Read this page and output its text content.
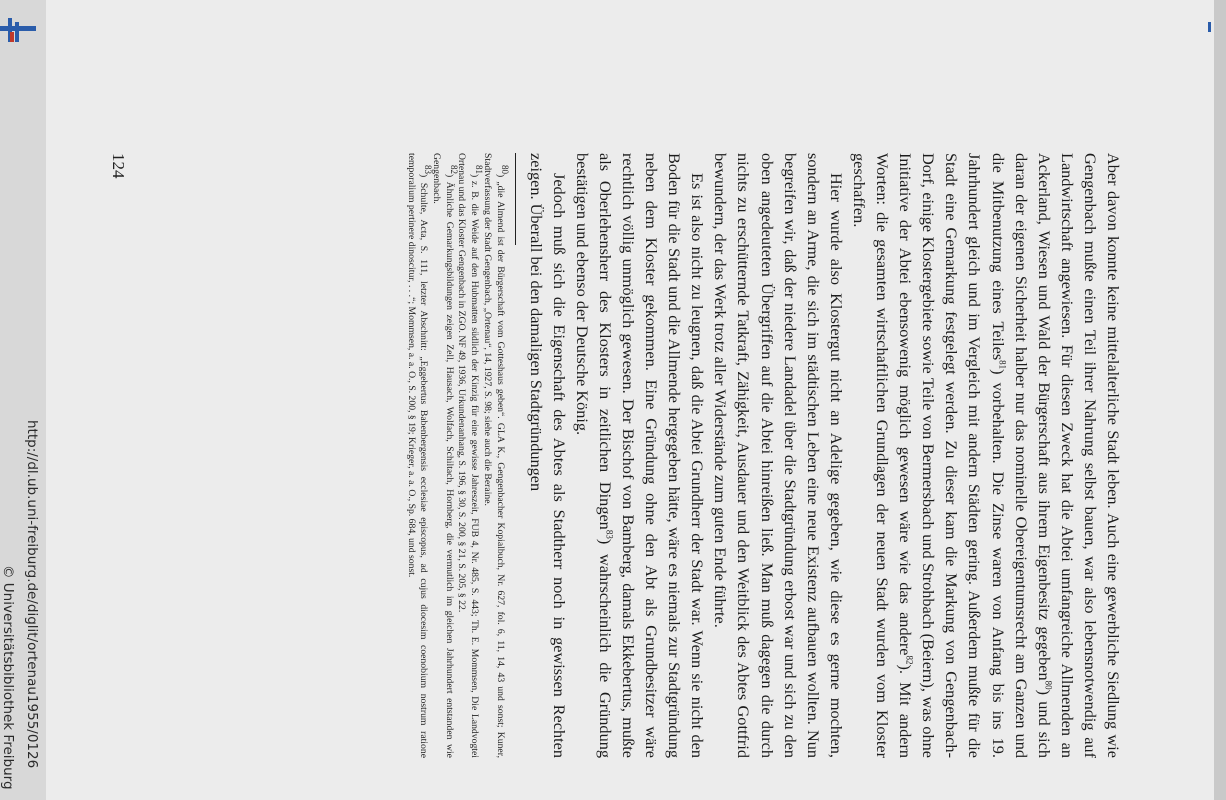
http://dl.ub.uni-freiburg.de/diglit/ortenau1955/0126
© Universitätsbibliothek Freiburg	Aber davon konnte keine mittelalterliche Stadt leben. Auch eine gewerbliche Siedlung wie Gengenbach mußte einen Teil ihrer Nahrung selbst bauen, war also lebensnotwendig auf Landwirtschaft angewiesen. Für diesen Zweck hat die Abtei umfangreiche Allmenden an Ackerland, Wiesen und Wald der Bürgerschaft aus ihrem Eigenbesitz gegeben$^{80}$) und sich daran der eigenen Sicherheit halber nur das nominelle Obereigentumsrecht am Ganzen und die Mitbenutzung eines Teiles$^{81}$) vorbehalten. Die Zinse waren von Anfang bis ins 19. Jahrhundert gleich und im Vergleich mit andern Städten gering. Außerdem mußte für die Stadt eine Gemarkung festgelegt werden. Zu dieser kam die Markung von Gengenbach-Dorf, einige Klostergebiete sowie Teile von Bermersbach und Strohbach (Beiern), was ohne Initiative der Abtei ebensowenig möglich gewesen wäre wie das andere$^{82}$). Mit andern Worten: die gesamten wirtschaftlichen Grundlagen der neuen Stadt wurden vom Kloster geschaffen.

Hier wurde also Klostergut nicht an Adelige gegeben, wie diese es gerne mochten, sondern an Arme, die sich im städtischen Leben eine neue Existenz aufbauen wollten. Nun begreifen wir, daß der niedere Landadel über die Stadtgründung erbost war und sich zu den oben angedeuteten Übergriffen auf die Abtei hinreißen ließ. Man muß dagegen die durch nichts zu erschütternde Tatkraft, Zähigkeit, Ausdauer und den Weitblick des Abtes Gottfrid bewundern, der das Werk trotz aller Widerstände zum guten Ende führte.

Es ist also nicht zu leugnen, daß die Abtei Grundherr der Stadt war. Wenn sie nicht den Boden für die Stadt und die Allmende hergegeben hätte, wäre es niemals zur Stadtgründung neben dem Kloster gekommen. Eine Gründung ohne den Abt als Grundbesitzer wäre rechtlich völlig unmöglich gewesen. Der Bischof von Bamberg, damals Ekkebertus, mußte als Oberlehensherr des Klosters in zeitlichen Dingen$^{83}$) wahrscheinlich die Gründung bestätigen und ebenso der Deutsche König.

Jedoch muß sich die Eigenschaft des Abtes als Stadtherr noch in gewissen Rechten zeigen. Überall bei den damaligen Stadtgründungen

$^{80}$) „die Almend ist der Bürgerschaft vom Gotteshaus geben“. GLA K., Gengenbacher Kopialbuch, Nr. 627, fol. 6, 11, 14, 43 und sonst; Kuner, Stadtverfassung der Stadt Gengenbach, „Ortenau“, 14, 1927, S. 98; siehe auch die Beraine.

$^{81}$) z. B. die Weide auf den Hubmatten südlich der Kinzig für eine gewisse Jahreszeit, FUB 4, Nr. 485, S. 443; Th. E. Mommsen, Die Landvogtei Ortenau und das Kloster Gengenbach in ZGO. NF 49, 1936, Urkundenanhang, S. 196, § 30, S. 200, § 21, S. 205, § 22.

$^{82}$) Ähnliche Gemarkungsbildungen zeigen Zell, Hausach, Wolfach, Schiltach, Hornberg, die vermutlich im gleichen Jahrhundert entstanden wie Gengenbach.

$^{83}$) Schulte, Acta, S. 111, letzter Abschnitt: „Eggebertus Babenbergensis ecclesiae episcopus, ad cujus diocesim coenobium nostrum ratione temporalium pertinere dinoscitur, . . .“; Mommsen, a. a. O., S. 200, § 19; Krieger, a. a. O., Sp. 684, und sonst.

124
